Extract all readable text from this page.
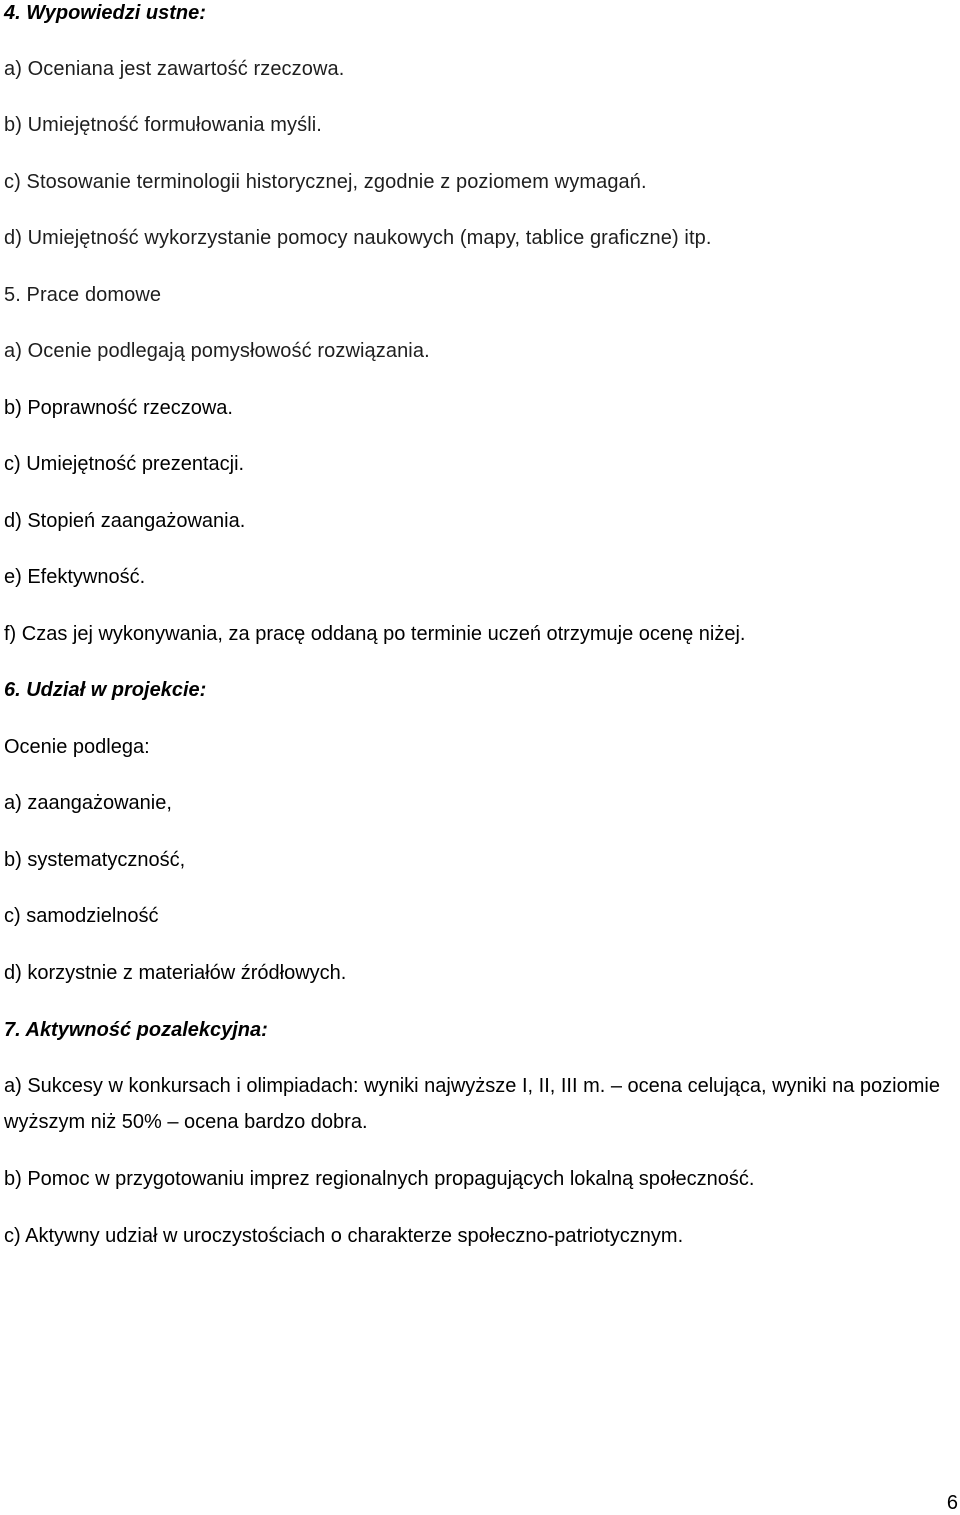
4. Wypowiedzi ustne:

a) Oceniana jest zawartość rzeczowa.

b) Umiejętność formułowania myśli.

c) Stosowanie terminologii historycznej, zgodnie z poziomem wymagań.

d) Umiejętność wykorzystanie pomocy naukowych (mapy, tablice graficzne) itp.

5. Prace domowe

a) Ocenie podlegają pomysłowość rozwiązania.

b) Poprawność rzeczowa.

c) Umiejętność prezentacji.

d) Stopień zaangażowania.

e) Efektywność.

f) Czas jej wykonywania, za pracę oddaną po terminie uczeń otrzymuje ocenę niżej.

6. Udział w projekcie:

Ocenie podlega:

a) zaangażowanie,

b) systematyczność,

c) samodzielność

d) korzystnie z materiałów źródłowych.

7. Aktywność pozalekcyjna:

a) Sukcesy w konkursach i olimpiadach: wyniki najwyższe I, II, III m. – ocena celująca, wyniki na poziomie wyższym niż 50% – ocena bardzo dobra.

b) Pomoc w przygotowaniu imprez regionalnych propagujących lokalną społeczność.

c) Aktywny udział w uroczystościach o charakterze społeczno-patriotycznym.

6
